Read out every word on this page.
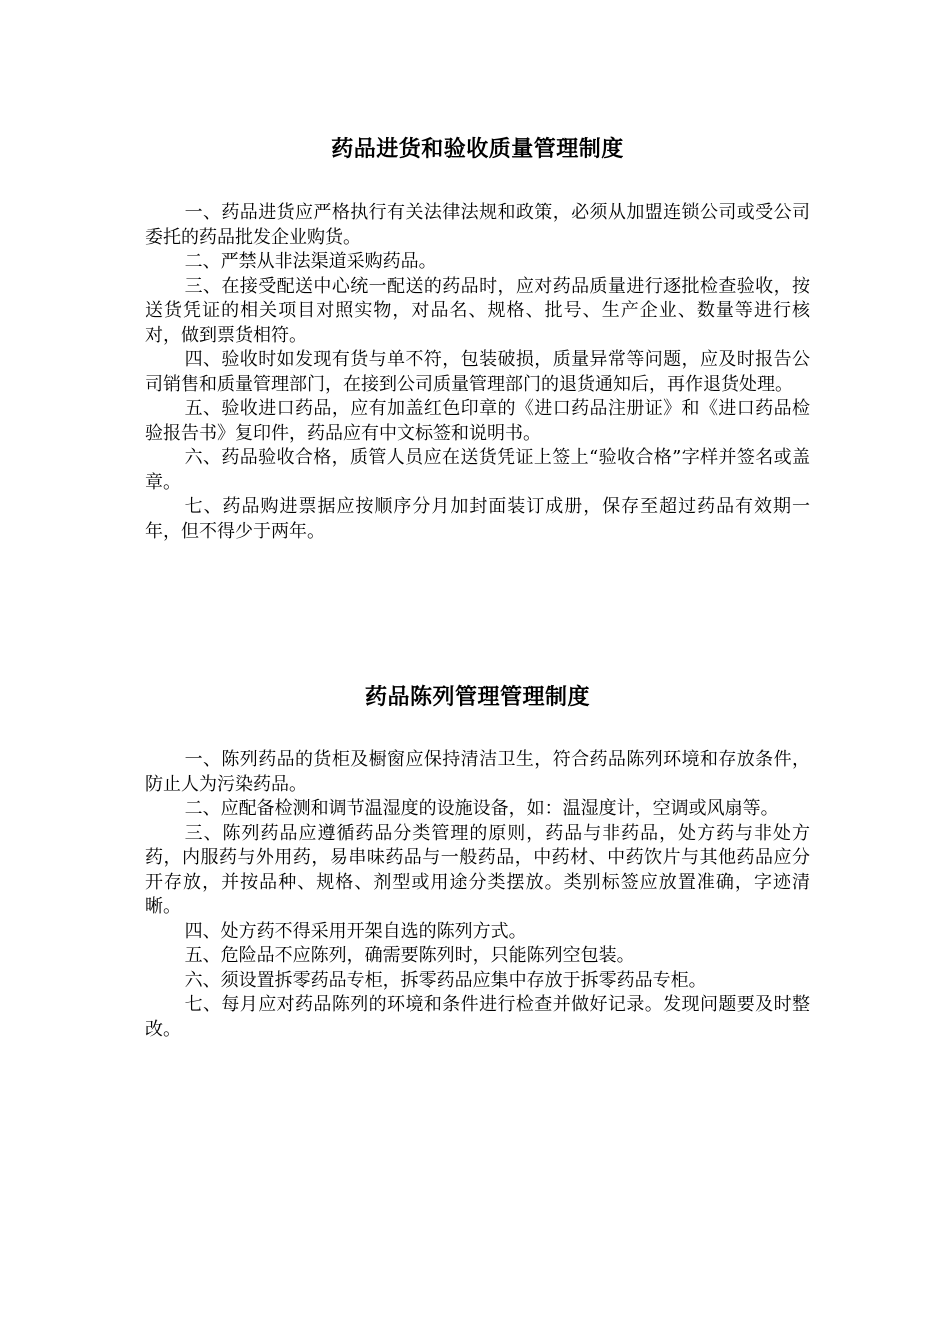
药品进货和验收质量管理制度

一、药品进货应严格执行有关法律法规和政策，必须从加盟连锁公司或受公司委托的药品批发企业购货。

二、严禁从非法渠道采购药品。

三、在接受配送中心统一配送的药品时，应对药品质量进行逐批检查验收，按送货凭证的相关项目对照实物，对品名、规格、批号、生产企业、数量等进行核对，做到票货相符。

四、验收时如发现有货与单不符，包装破损，质量异常等问题，应及时报告公司销售和质量管理部门，在接到公司质量管理部门的退货通知后，再作退货处理。

五、验收进口药品，应有加盖红色印章的《进口药品注册证》和《进口药品检验报告书》复印件，药品应有中文标签和说明书。

六、药品验收合格，质管人员应在送货凭证上签上“验收合格”字样并签名或盖章。

七、药品购进票据应按顺序分月加封面装订成册，保存至超过药品有效期一年，但不得少于两年。

药品陈列管理管理制度

一、陈列药品的货柜及橱窗应保持清洁卫生，符合药品陈列环境和存放条件，防止人为污染药品。

二、应配备检测和调节温湿度的设施设备，如：温湿度计，空调或风扇等。

三、陈列药品应遵循药品分类管理的原则，药品与非药品，处方药与非处方药，内服药与外用药，易串味药品与一般药品，中药材、中药饮片与其他药品应分开存放，并按品种、规格、剂型或用途分类摆放。类别标签应放置准确，字迹清晰。

四、处方药不得采用开架自选的陈列方式。

五、危险品不应陈列，确需要陈列时，只能陈列空包装。

六、须设置拆零药品专柜，拆零药品应集中存放于拆零药品专柜。

七、每月应对药品陈列的环境和条件进行检查并做好记录。发现问题要及时整改。
